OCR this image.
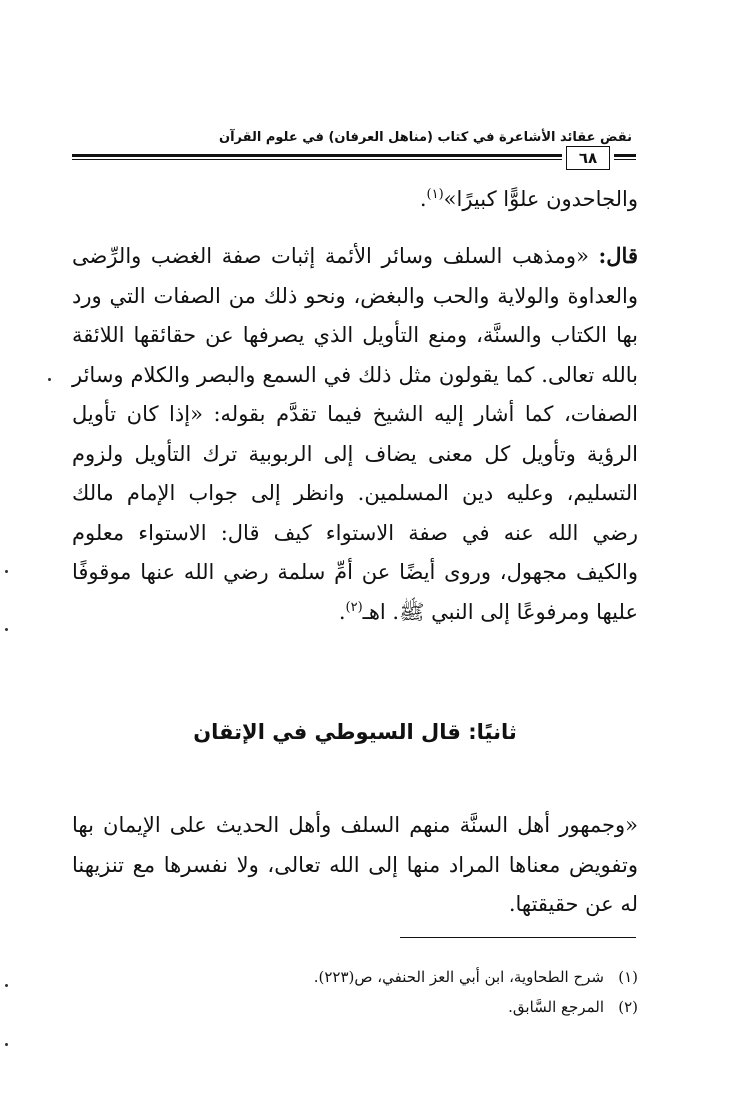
نقض عقائد الأشاعرة في كتاب (مناهل العرفان) في علوم القرآن
٦٨
والجاحدون علوًّا كبيرًا»$^{(١)}$.
قال: «ومذهب السلف وسائر الأئمة إثبات صفة الغضب والرِّضى والعداوة والولاية والحب والبغض، ونحو ذلك من الصفات التي ورد بها الكتاب والسنَّة، ومنع التأويل الذي يصرفها عن حقائقها اللائقة بالله تعالى. كما يقولون مثل ذلك في السمع والبصر والكلام وسائر الصفات، كما أشار إليه الشيخ فيما تقدَّم بقوله: «إذا كان تأويل الرؤية وتأويل كل معنى يضاف إلى الربوبية ترك التأويل ولزوم التسليم، وعليه دين المسلمين. وانظر إلى جواب الإمام مالك رضي الله عنه في صفة الاستواء كيف قال: الاستواء معلوم والكيف مجهول، وروى أيضًا عن أمِّ سلمة رضي الله عنها موقوفًا عليها ومرفوعًا إلى النبي ﷺ. اهـ$^{(٢)}$.
ثانيًا: قال السيوطي في الإتقان
«وجمهور أهل السنَّة منهم السلف وأهل الحديث على الإيمان بها وتفويض معناها المراد منها إلى الله تعالى، ولا نفسرها مع تنزيهنا له عن حقيقتها.
(١)شرح الطحاوية، ابن أبي العز الحنفي، ص(٢٢٣).
(٢)المرجع السَّابق.
